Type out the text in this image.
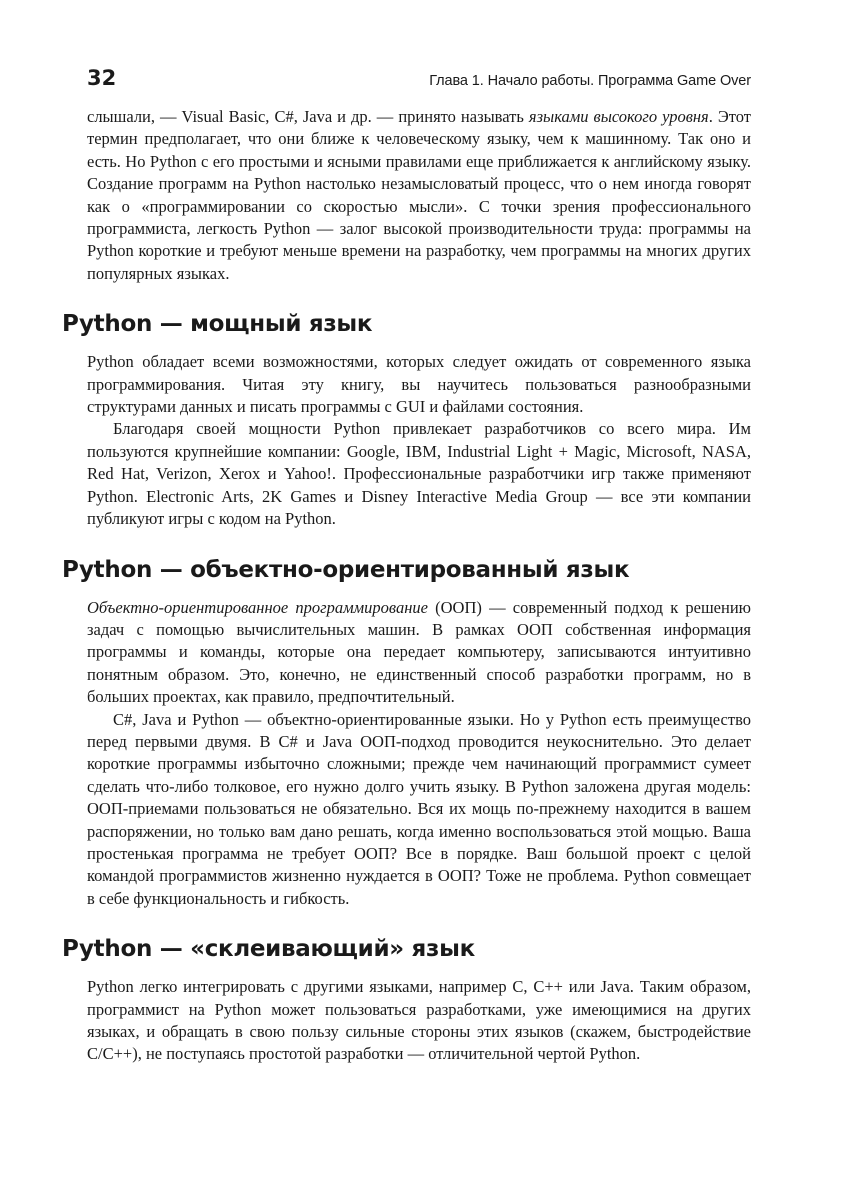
32	Глава 1. Начало работы. Программа Game Over

слышали, — Visual Basic, C#, Java и др. — принято называть языками высокого уровня. Этот термин предполагает, что они ближе к человеческому языку, чем к машинному. Так оно и есть. Но Python с его простыми и ясными правилами еще приближается к английскому языку. Создание программ на Python настолько незамысловатый процесс, что о нем иногда говорят как о «программировании со скоростью мысли». С точки зрения профессионального программиста, легкость Python — залог высокой производительности труда: программы на Python короткие и требуют меньше времени на разработку, чем программы на многих других популярных языках.

Python — мощный язык

Python обладает всеми возможностями, которых следует ожидать от современного языка программирования. Читая эту книгу, вы научитесь пользоваться разнообразными структурами данных и писать программы с GUI и файлами состояния.

Благодаря своей мощности Python привлекает разработчиков со всего мира. Им пользуются крупнейшие компании: Google, IBM, Industrial Light + Magic, Microsoft, NASA, Red Hat, Verizon, Xerox и Yahoo!. Профессиональные разработчики игр также применяют Python. Electronic Arts, 2K Games и Disney Interactive Media Group — все эти компании публикуют игры с кодом на Python.

Python — объектно-ориентированный язык

Объектно-ориентированное программирование (ООП) — современный подход к решению задач с помощью вычислительных машин. В рамках ООП собственная информация программы и команды, которые она передает компьютеру, записываются интуитивно понятным образом. Это, конечно, не единственный способ разработки программ, но в больших проектах, как правило, предпочтительный.

C#, Java и Python — объектно-ориентированные языки. Но у Python есть преимущество перед первыми двумя. В C# и Java ООП-подход проводится неукоснительно. Это делает короткие программы избыточно сложными; прежде чем начинающий программист сумеет сделать что-либо толковое, его нужно долго учить языку. В Python заложена другая модель: ООП-приемами пользоваться не обязательно. Вся их мощь по-прежнему находится в вашем распоряжении, но только вам дано решать, когда именно воспользоваться этой мощью. Ваша простенькая программа не требует ООП? Все в порядке. Ваш большой проект с целой командой программистов жизненно нуждается в ООП? Тоже не проблема. Python совмещает в себе функциональность и гибкость.

Python — «склеивающий» язык

Python легко интегрировать с другими языками, например C, C++ или Java. Таким образом, программист на Python может пользоваться разработками, уже имеющимися на других языках, и обращать в свою пользу сильные стороны этих языков (скажем, быстродействие C/C++), не поступаясь простотой разработки — отличительной чертой Python.
